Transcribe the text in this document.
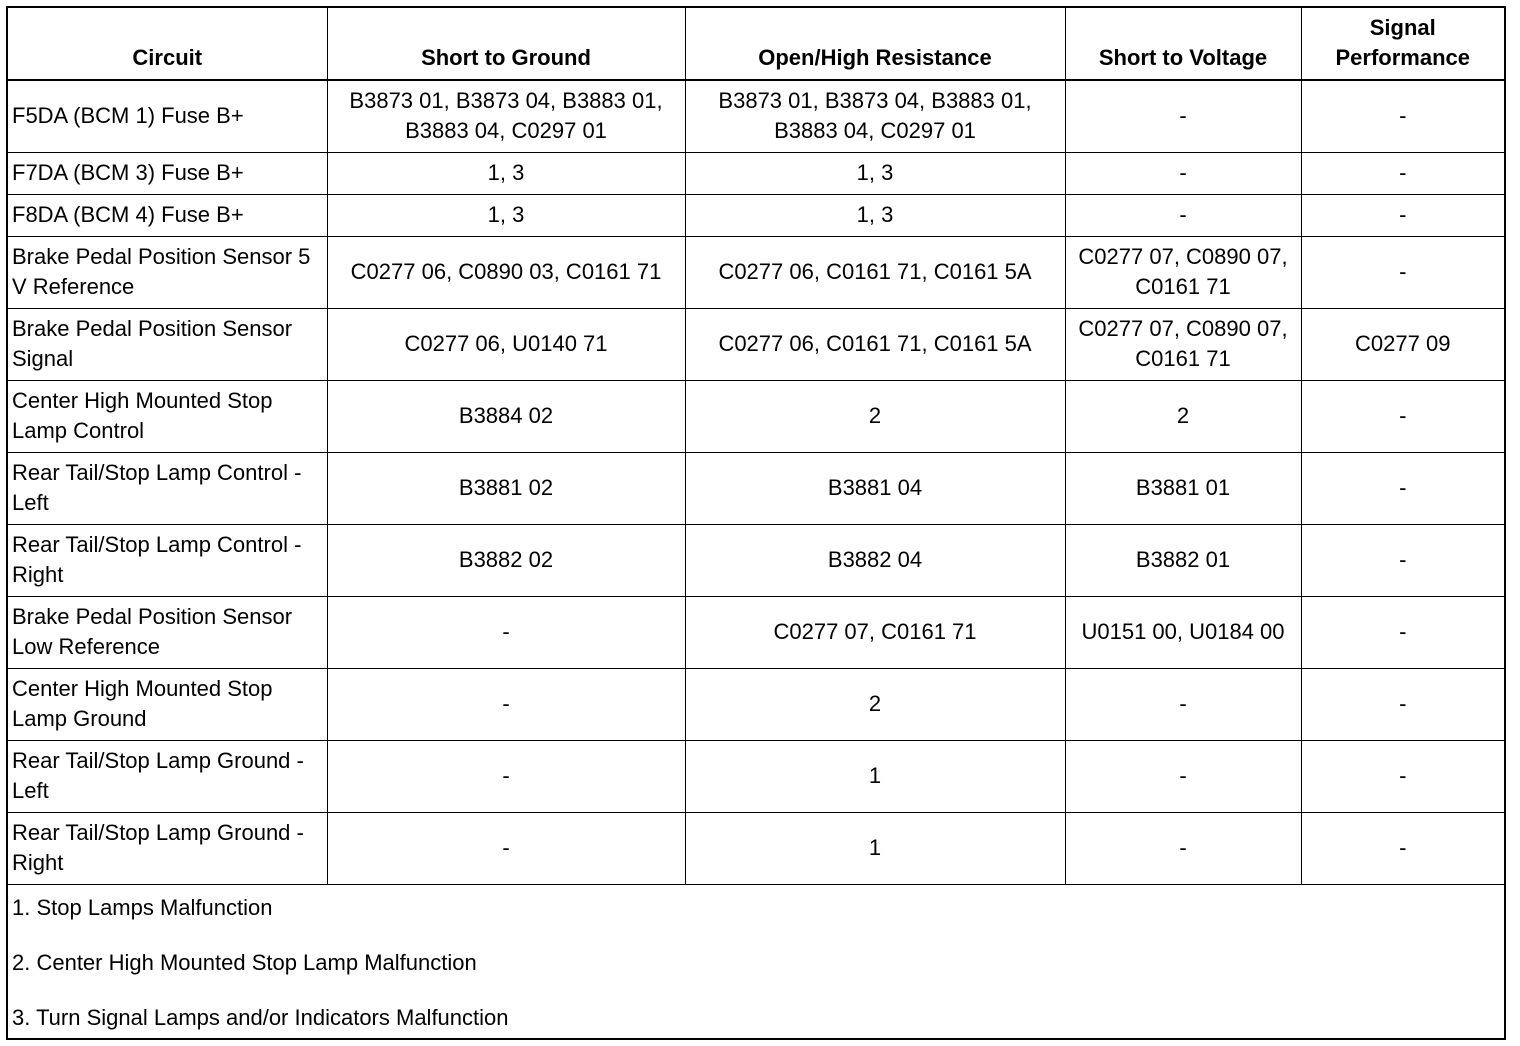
Circuit	Short to Ground	Open/High Resistance	Short to Voltage	Signal Performance
F5DA (BCM 1) Fuse B+	B3873 01, B3873 04, B3883 01, B3883 04, C0297 01	B3873 01, B3873 04, B3883 01, B3883 04, C0297 01	-	-
F7DA (BCM 3) Fuse B+	1, 3	1, 3	-	-
F8DA (BCM 4) Fuse B+	1, 3	1, 3	-	-
Brake Pedal Position Sensor 5 V Reference	C0277 06, C0890 03, C0161 71	C0277 06, C0161 71, C0161 5A	C0277 07, C0890 07, C0161 71	-
Brake Pedal Position Sensor Signal	C0277 06, U0140 71	C0277 06, C0161 71, C0161 5A	C0277 07, C0890 07, C0161 71	C0277 09
Center High Mounted Stop Lamp Control	B3884 02	2	2	-
Rear Tail/Stop Lamp Control - Left	B3881 02	B3881 04	B3881 01	-
Rear Tail/Stop Lamp Control - Right	B3882 02	B3882 04	B3882 01	-
Brake Pedal Position Sensor Low Reference	-	C0277 07, C0161 71	U0151 00, U0184 00	-
Center High Mounted Stop Lamp Ground	-	2	-	-
Rear Tail/Stop Lamp Ground - Left	-	1	-	-
Rear Tail/Stop Lamp Ground - Right	-	1	-	-
1. Stop Lamps Malfunction
2. Center High Mounted Stop Lamp Malfunction
3. Turn Signal Lamps and/or Indicators Malfunction
